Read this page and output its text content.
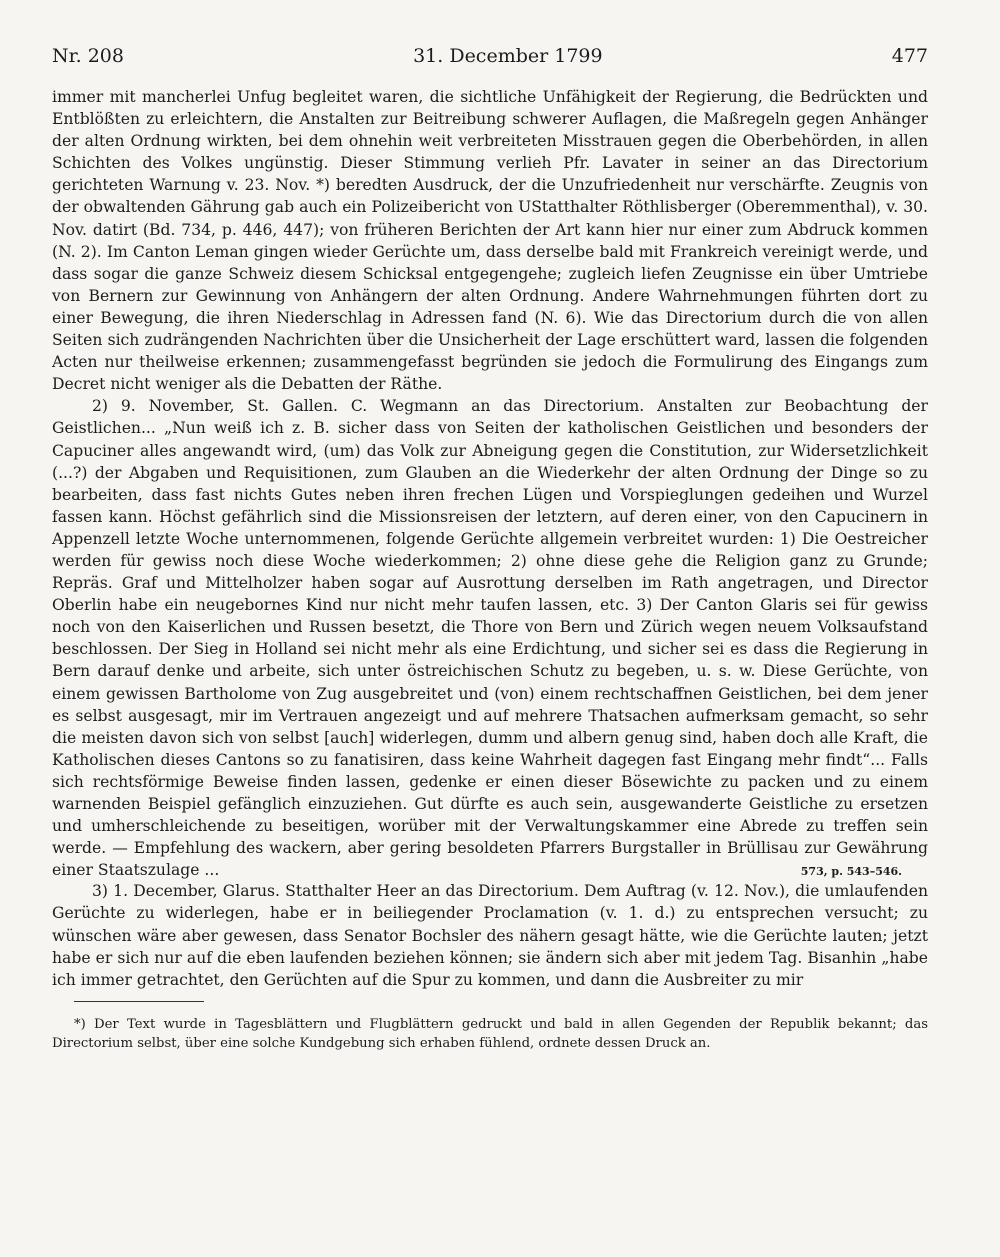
Nr. 208	31. December 1799	477

immer mit mancherlei Unfug begleitet waren, die sichtliche Unfähigkeit der Regierung, die Bedrückten und Entblößten zu erleichtern, die Anstalten zur Beitreibung schwerer Auflagen, die Maßregeln gegen Anhänger der alten Ordnung wirkten, bei dem ohnehin weit verbreiteten Misstrauen gegen die Oberbehörden, in allen Schichten des Volkes ungünstig. Dieser Stimmung verlieh Pfr. Lavater in seiner an das Directorium gerichteten Warnung v. 23. Nov. *) beredten Ausdruck, der die Unzufriedenheit nur verschärfte. Zeugnis von der obwaltenden Gährung gab auch ein Polizeibericht von UStatthalter Röthlisberger (Oberemmenthal), v. 30. Nov. datirt (Bd. 734, p. 446, 447); von früheren Berichten der Art kann hier nur einer zum Abdruck kommen (N. 2). Im Canton Leman gingen wieder Gerüchte um, dass derselbe bald mit Frankreich vereinigt werde, und dass sogar die ganze Schweiz diesem Schicksal entgegengehe; zugleich liefen Zeugnisse ein über Umtriebe von Bernern zur Gewinnung von Anhängern der alten Ordnung. Andere Wahrnehmungen führten dort zu einer Bewegung, die ihren Niederschlag in Adressen fand (N. 6). Wie das Directorium durch die von allen Seiten sich zudrängenden Nachrichten über die Unsicherheit der Lage erschüttert ward, lassen die folgenden Acten nur theilweise erkennen; zusammengefasst begründen sie jedoch die Formulirung des Eingangs zum Decret nicht weniger als die Debatten der Räthe.

2) 9. November, St. Gallen. C. Wegmann an das Directorium. Anstalten zur Beobachtung der Geistlichen... „Nun weiß ich z. B. sicher dass von Seiten der katholischen Geistlichen und besonders der Capuciner alles angewandt wird, (um) das Volk zur Abneigung gegen die Constitution, zur Widersetzlichkeit (...?) der Abgaben und Requisitionen, zum Glauben an die Wiederkehr der alten Ordnung der Dinge so zu bearbeiten, dass fast nichts Gutes neben ihren frechen Lügen und Vorspieglungen gedeihen und Wurzel fassen kann. Höchst gefährlich sind die Missionsreisen der letztern, auf deren einer, von den Capucinern in Appenzell letzte Woche unternommenen, folgende Gerüchte allgemein verbreitet wurden: 1) Die Oestreicher werden für gewiss noch diese Woche wiederkommen; 2) ohne diese gehe die Religion ganz zu Grunde; Repräs. Graf und Mittelholzer haben sogar auf Ausrottung derselben im Rath angetragen, und Director Oberlin habe ein neugebornes Kind nur nicht mehr taufen lassen, etc. 3) Der Canton Glaris sei für gewiss noch von den Kaiserlichen und Russen besetzt, die Thore von Bern und Zürich wegen neuem Volksaufstand beschlossen. Der Sieg in Holland sei nicht mehr als eine Erdichtung, und sicher sei es dass die Regierung in Bern darauf denke und arbeite, sich unter östreichischen Schutz zu begeben, u. s. w. Diese Gerüchte, von einem gewissen Bartholome von Zug ausgebreitet und (von) einem rechtschaffnen Geistlichen, bei dem jener es selbst ausgesagt, mir im Vertrauen angezeigt und auf mehrere Thatsachen aufmerksam gemacht, so sehr die meisten davon sich von selbst [auch] widerlegen, dumm und albern genug sind, haben doch alle Kraft, die Katholischen dieses Cantons so zu fanatisiren, dass keine Wahrheit dagegen fast Eingang mehr findt“... Falls sich rechtsförmige Beweise finden lassen, gedenke er einen dieser Bösewichte zu packen und zu einem warnenden Beispiel gefänglich einzuziehen. Gut dürfte es auch sein, ausgewanderte Geistliche zu ersetzen und umherschleichende zu beseitigen, worüber mit der Verwaltungskammer eine Abrede zu treffen sein werde. — Empfehlung des wackern, aber gering besoldeten Pfarrers Burgstaller in Brüllisau zur Gewährung einer Staatszulage ...	573, p. 543–546.

3) 1. December, Glarus. Statthalter Heer an das Directorium. Dem Auftrag (v. 12. Nov.), die umlaufenden Gerüchte zu widerlegen, habe er in beiliegender Proclamation (v. 1. d.) zu entsprechen versucht; zu wünschen wäre aber gewesen, dass Senator Bochsler des nähern gesagt hätte, wie die Gerüchte lauten; jetzt habe er sich nur auf die eben laufenden beziehen können; sie ändern sich aber mit jedem Tag. Bisanhin „habe ich immer getrachtet, den Gerüchten auf die Spur zu kommen, und dann die Ausbreiter zu mir

*) Der Text wurde in Tagesblättern und Flugblättern gedruckt und bald in allen Gegenden der Republik bekannt; das Directorium selbst, über eine solche Kundgebung sich erhaben fühlend, ordnete dessen Druck an.
